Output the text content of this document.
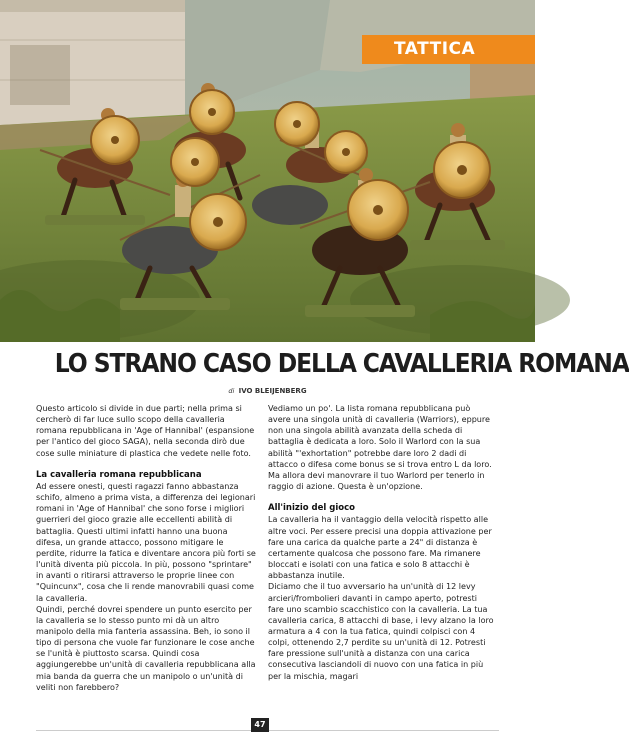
TATTICA
LO STRANO CASO DELLA CAVALLERIA ROMANA
di IVO BLEIJENBERG

Questo articolo si divide in due parti; nella prima si cercherò di far luce sullo scopo della cavalleria romana repubblicana in 'Age of Hannibal' (espansione per l'antico del gioco SAGA), nella seconda dirò due cose sulle miniature di plastica che vedete nelle foto.

La cavalleria romana repubblicana

Ad essere onesti, questi ragazzi fanno abbastanza schifo, almeno a prima vista, a differenza dei legionari romani in 'Age of Hannibal' che sono forse i migliori guerrieri del gioco grazie alle eccellenti abilità di battaglia. Questi ultimi infatti hanno una buona difesa, un grande attacco, possono mitigare le perdite, ridurre la fatica e diventare ancora più forti se l'unità diventa più piccola. In più, possono "sprintare" in avanti o ritirarsi attraverso le proprie linee con "Quincunx", cosa che li rende manovrabili quasi come la cavalleria.

Quindi, perché dovrei spendere un punto esercito per la cavalleria se lo stesso punto mi dà un altro manipolo della mia fanteria assassina. Beh, io sono il tipo di persona che vuole far funzionare le cose anche se l'unità è piuttosto scarsa. Quindi cosa aggiungerebbe un'unità di cavalleria repubblicana alla mia banda da guerra che un manipolo o un'unità di veliti non farebbero?

Vediamo un po'. La lista romana repubblicana può avere una singola unità di cavalleria (Warriors), eppure non una singola abilità avanzata della scheda di battaglia è dedicata a loro. Solo il Warlord con la sua abilità "'exhortation" potrebbe dare loro 2 dadi di attacco o difesa come bonus se si trova entro L da loro. Ma allora devi manovrare il tuo Warlord per tenerlo in raggio di azione. Questa è un'opzione.

All'inizio del gioco

La cavalleria ha il vantaggio della velocità rispetto alle altre voci. Per essere precisi una doppia attivazione per fare una carica da qualche parte a 24" di distanza è certamente qualcosa che possono fare. Ma rimanere bloccati e isolati con una fatica e solo 8 attacchi è abbastanza inutile.

Diciamo che il tuo avversario ha un'unità di 12 levy arcieri/frombolieri davanti in campo aperto, potresti fare uno scambio scacchistico con la cavalleria. La tua cavalleria carica, 8 attacchi di base, i levy alzano la loro armatura a 4 con la tua fatica, quindi colpisci con 4 colpi, ottenendo 2,7 perdite su un'unità di 12. Potresti fare pressione sull'unità a distanza con una carica consecutiva lasciandoli di nuovo con una fatica in più per la mischia, magari

47
